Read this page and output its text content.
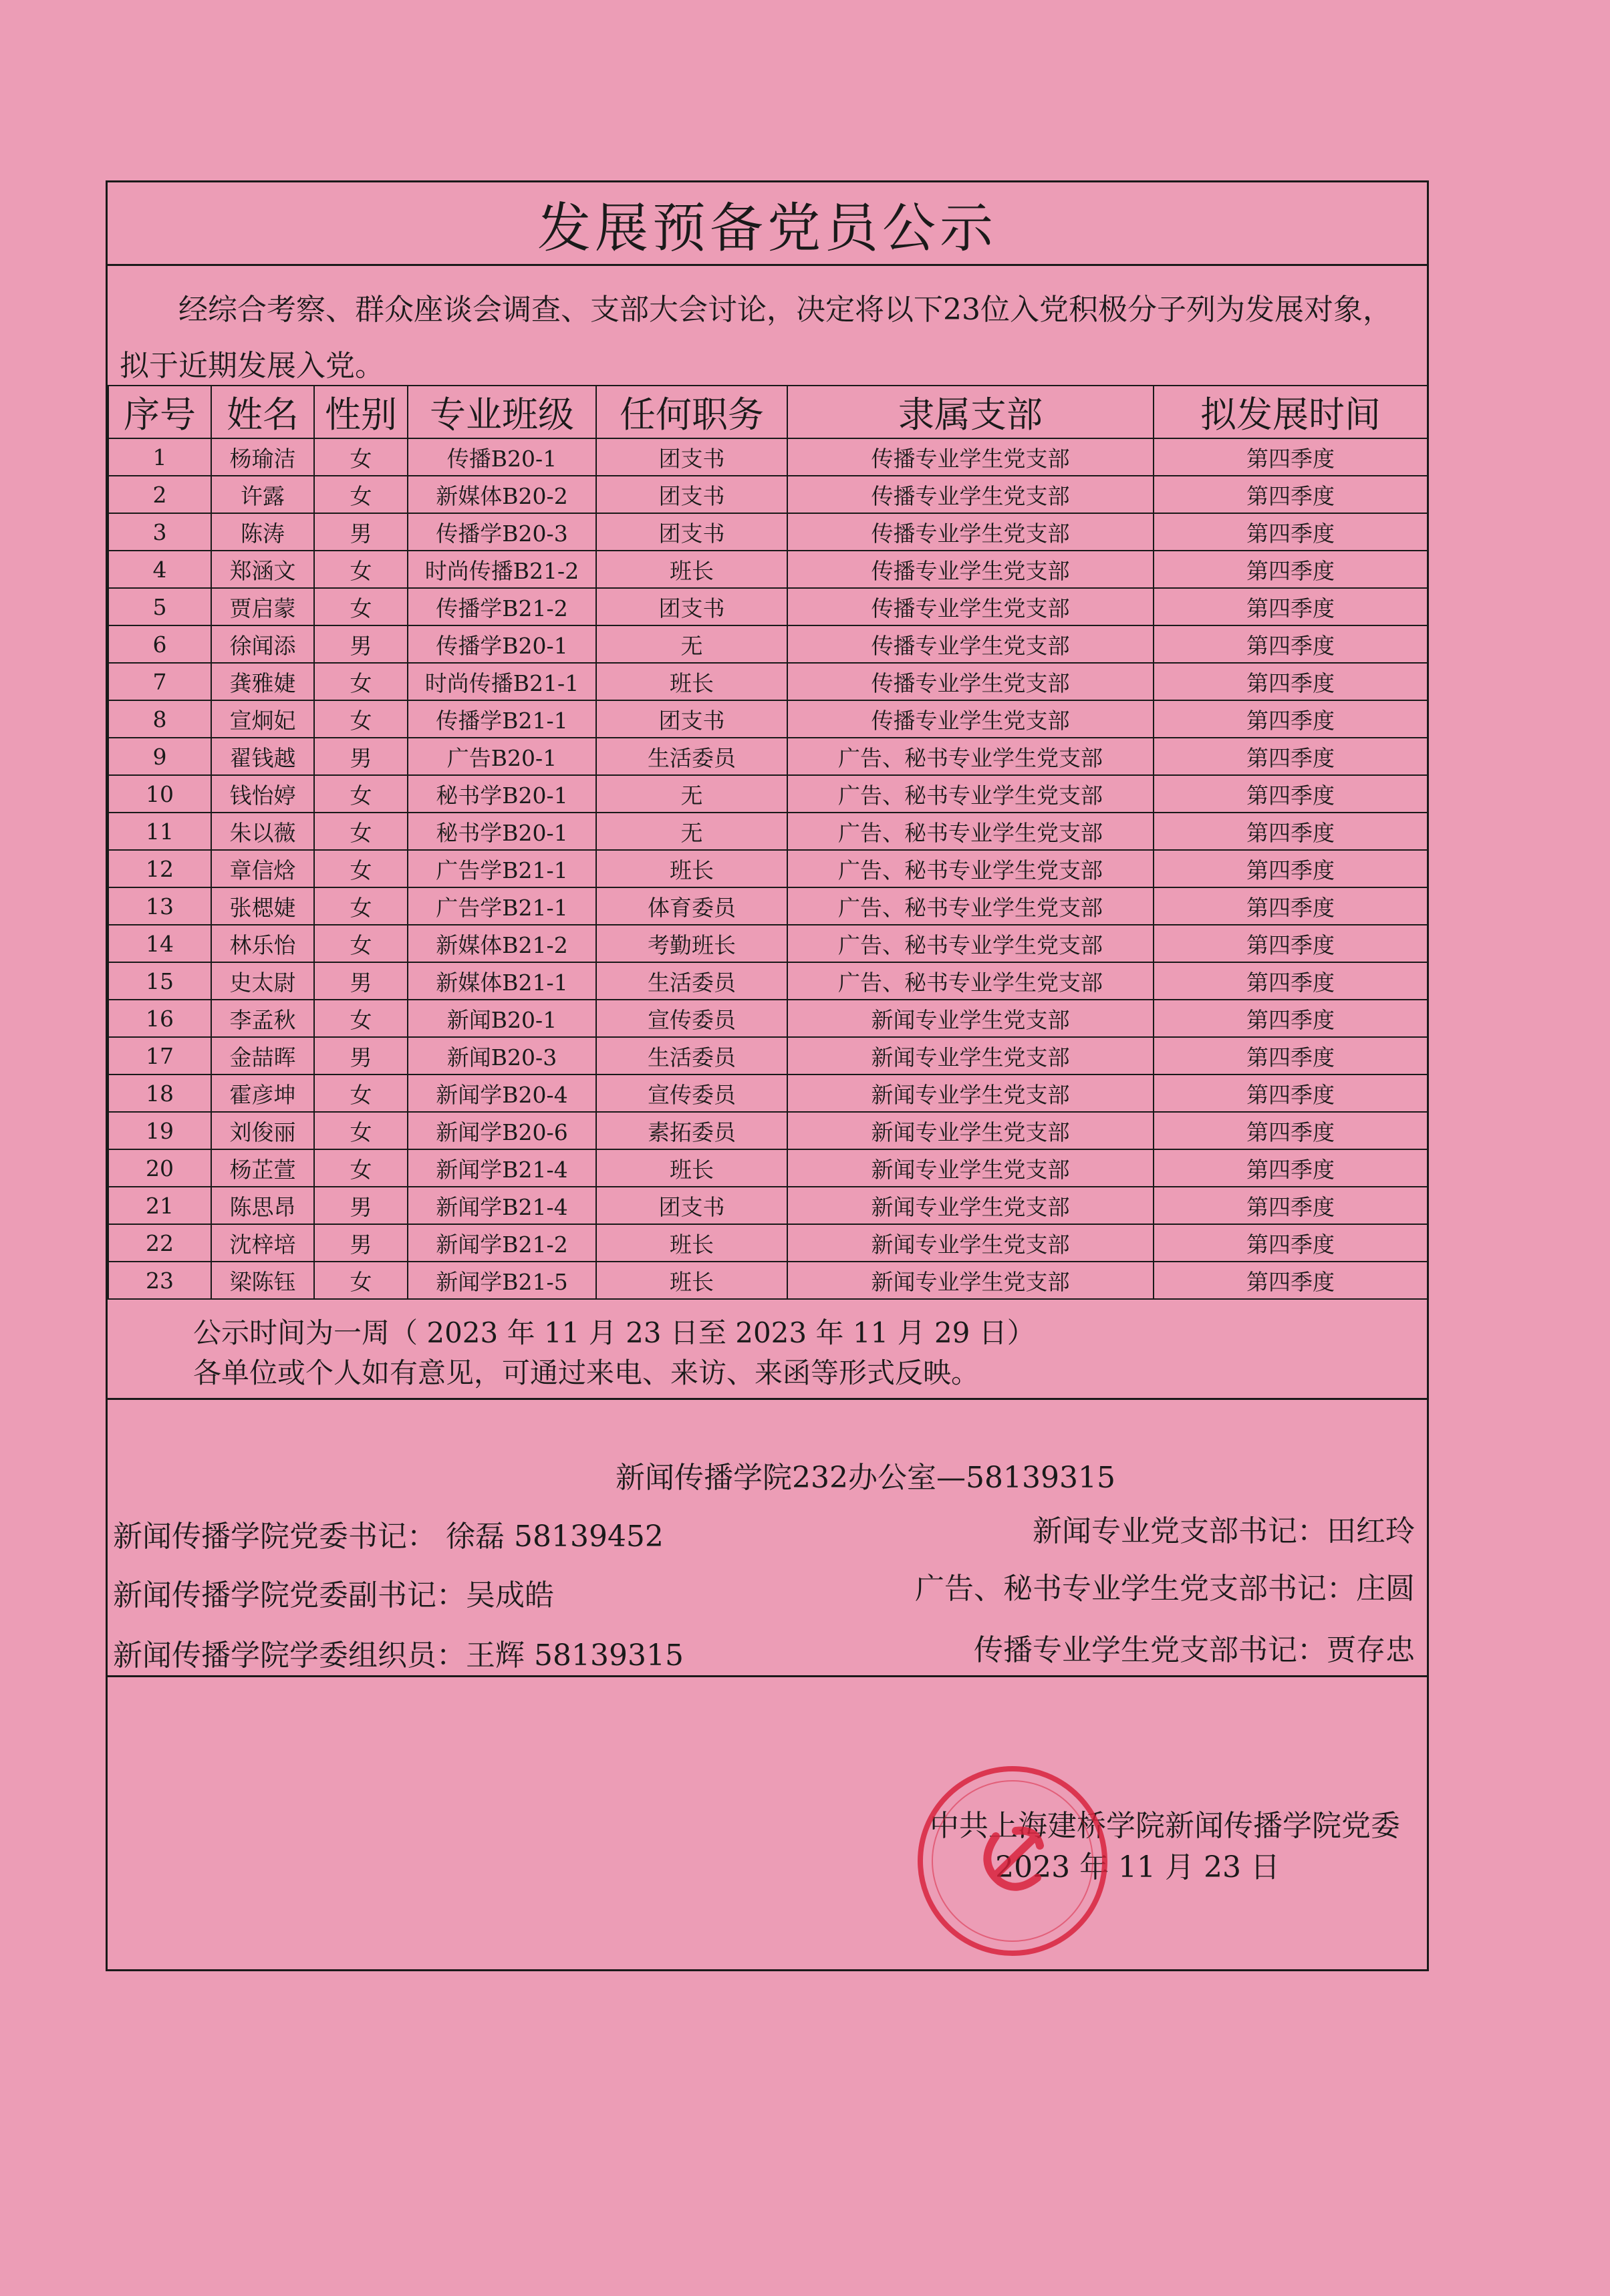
发展预备党员公示
经综合考察、群众座谈会调查、支部大会讨论，决定将以下23位入党积极分子列为发展对象，拟于近期发展入党。
序号	姓名	性别	专业班级	任何职务	隶属支部	拟发展时间
1	杨瑜洁	女	传播B20-1	团支书	传播专业学生党支部	第四季度
2	许露	女	新媒体B20-2	团支书	传播专业学生党支部	第四季度
3	陈涛	男	传播学B20-3	团支书	传播专业学生党支部	第四季度
4	郑涵文	女	时尚传播B21-2	班长	传播专业学生党支部	第四季度
5	贾启蒙	女	传播学B21-2	团支书	传播专业学生党支部	第四季度
6	徐闻添	男	传播学B20-1	无	传播专业学生党支部	第四季度
7	龚雅婕	女	时尚传播B21-1	班长	传播专业学生党支部	第四季度
8	宣炯妃	女	传播学B21-1	团支书	传播专业学生党支部	第四季度
9	翟钱越	男	广告B20-1	生活委员	广告、秘书专业学生党支部	第四季度
10	钱怡婷	女	秘书学B20-1	无	广告、秘书专业学生党支部	第四季度
11	朱以薇	女	秘书学B20-1	无	广告、秘书专业学生党支部	第四季度
12	章信焓	女	广告学B21-1	班长	广告、秘书专业学生党支部	第四季度
13	张楒婕	女	广告学B21-1	体育委员	广告、秘书专业学生党支部	第四季度
14	林乐怡	女	新媒体B21-2	考勤班长	广告、秘书专业学生党支部	第四季度
15	史太尉	男	新媒体B21-1	生活委员	广告、秘书专业学生党支部	第四季度
16	李孟秋	女	新闻B20-1	宣传委员	新闻专业学生党支部	第四季度
17	金喆晖	男	新闻B20-3	生活委员	新闻专业学生党支部	第四季度
18	霍彦坤	女	新闻学B20-4	宣传委员	新闻专业学生党支部	第四季度
19	刘俊丽	女	新闻学B20-6	素拓委员	新闻专业学生党支部	第四季度
20	杨芷萱	女	新闻学B21-4	班长	新闻专业学生党支部	第四季度
21	陈思昂	男	新闻学B21-4	团支书	新闻专业学生党支部	第四季度
22	沈梓培	男	新闻学B21-2	班长	新闻专业学生党支部	第四季度
23	梁陈钰	女	新闻学B21-5	班长	新闻专业学生党支部	第四季度
公示时间为一周（ 2023 年 11 月 23 日至 2023 年 11 月 29 日）
各单位或个人如有意见，可通过来电、来访、来函等形式反映。
新闻传播学院232办公室—58139315
新闻传播学院党委书记： 徐磊 58139452	新闻专业党支部书记：田红玲
新闻传播学院党委副书记：吴成皓	广告、秘书专业学生党支部书记：庄圆
新闻传播学院学委组织员：王辉 58139315	传播专业学生党支部书记：贾存忠
中共上海建桥学院新闻传播学院党委
2023 年 11 月 23 日
